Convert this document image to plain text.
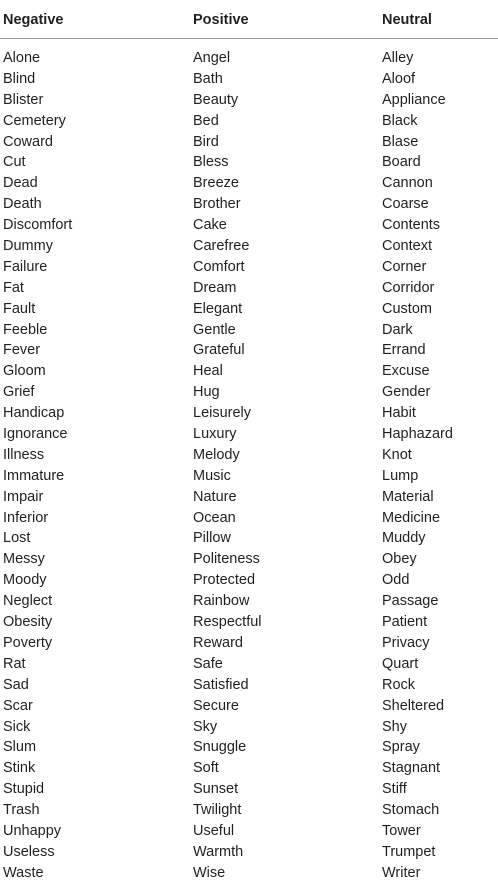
Negative	Positive	Neutral
Alone	Angel	Alley
Blind	Bath	Aloof
Blister	Beauty	Appliance
Cemetery	Bed	Black
Coward	Bird	Blase
Cut	Bless	Board
Dead	Breeze	Cannon
Death	Brother	Coarse
Discomfort	Cake	Contents
Dummy	Carefree	Context
Failure	Comfort	Corner
Fat	Dream	Corridor
Fault	Elegant	Custom
Feeble	Gentle	Dark
Fever	Grateful	Errand
Gloom	Heal	Excuse
Grief	Hug	Gender
Handicap	Leisurely	Habit
Ignorance	Luxury	Haphazard
Illness	Melody	Knot
Immature	Music	Lump
Impair	Nature	Material
Inferior	Ocean	Medicine
Lost	Pillow	Muddy
Messy	Politeness	Obey
Moody	Protected	Odd
Neglect	Rainbow	Passage
Obesity	Respectful	Patient
Poverty	Reward	Privacy
Rat	Safe	Quart
Sad	Satisfied	Rock
Scar	Secure	Sheltered
Sick	Sky	Shy
Slum	Snuggle	Spray
Stink	Soft	Stagnant
Stupid	Sunset	Stiff
Trash	Twilight	Stomach
Unhappy	Useful	Tower
Useless	Warmth	Trumpet
Waste	Wise	Writer
